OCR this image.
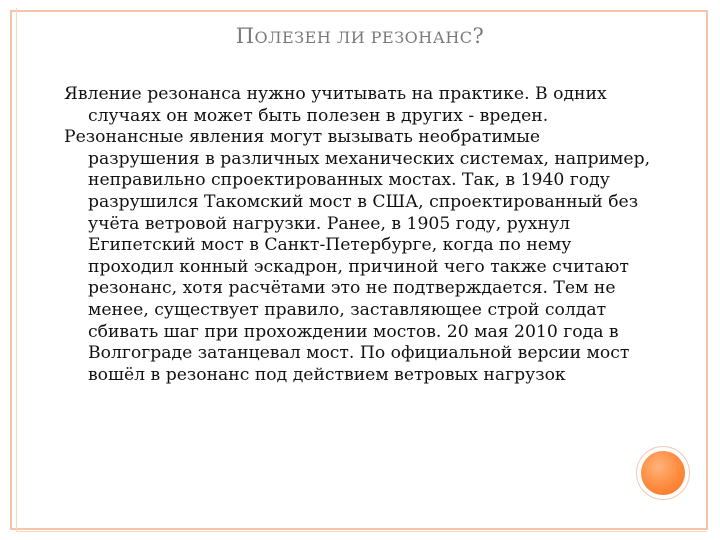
ПОЛЕЗЕН ЛИ РЕЗОНАНС?

Явление резонанса нужно учитывать на практике. В одних случаях он может быть полезен в других - вреден.

Резонансные явления могут вызывать необратимые разрушения в различных механических системах, например, неправильно спроектированных мостах. Так, в 1940 году разрушился Такомский мост в США, спроектированный без учёта ветровой нагрузки. Ранее, в 1905 году, рухнул Египетский мост в Санкт-Петербурге, когда по нему проходил конный эскадрон, причиной чего также считают резонанс, хотя расчётами это не подтверждается. Тем не менее, существует правило, заставляющее строй солдат сбивать шаг при прохождении мостов. 20 мая 2010 года в Волгограде затанцевал мост. По официальной версии мост вошёл в резонанс под действием ветровых нагрузок
